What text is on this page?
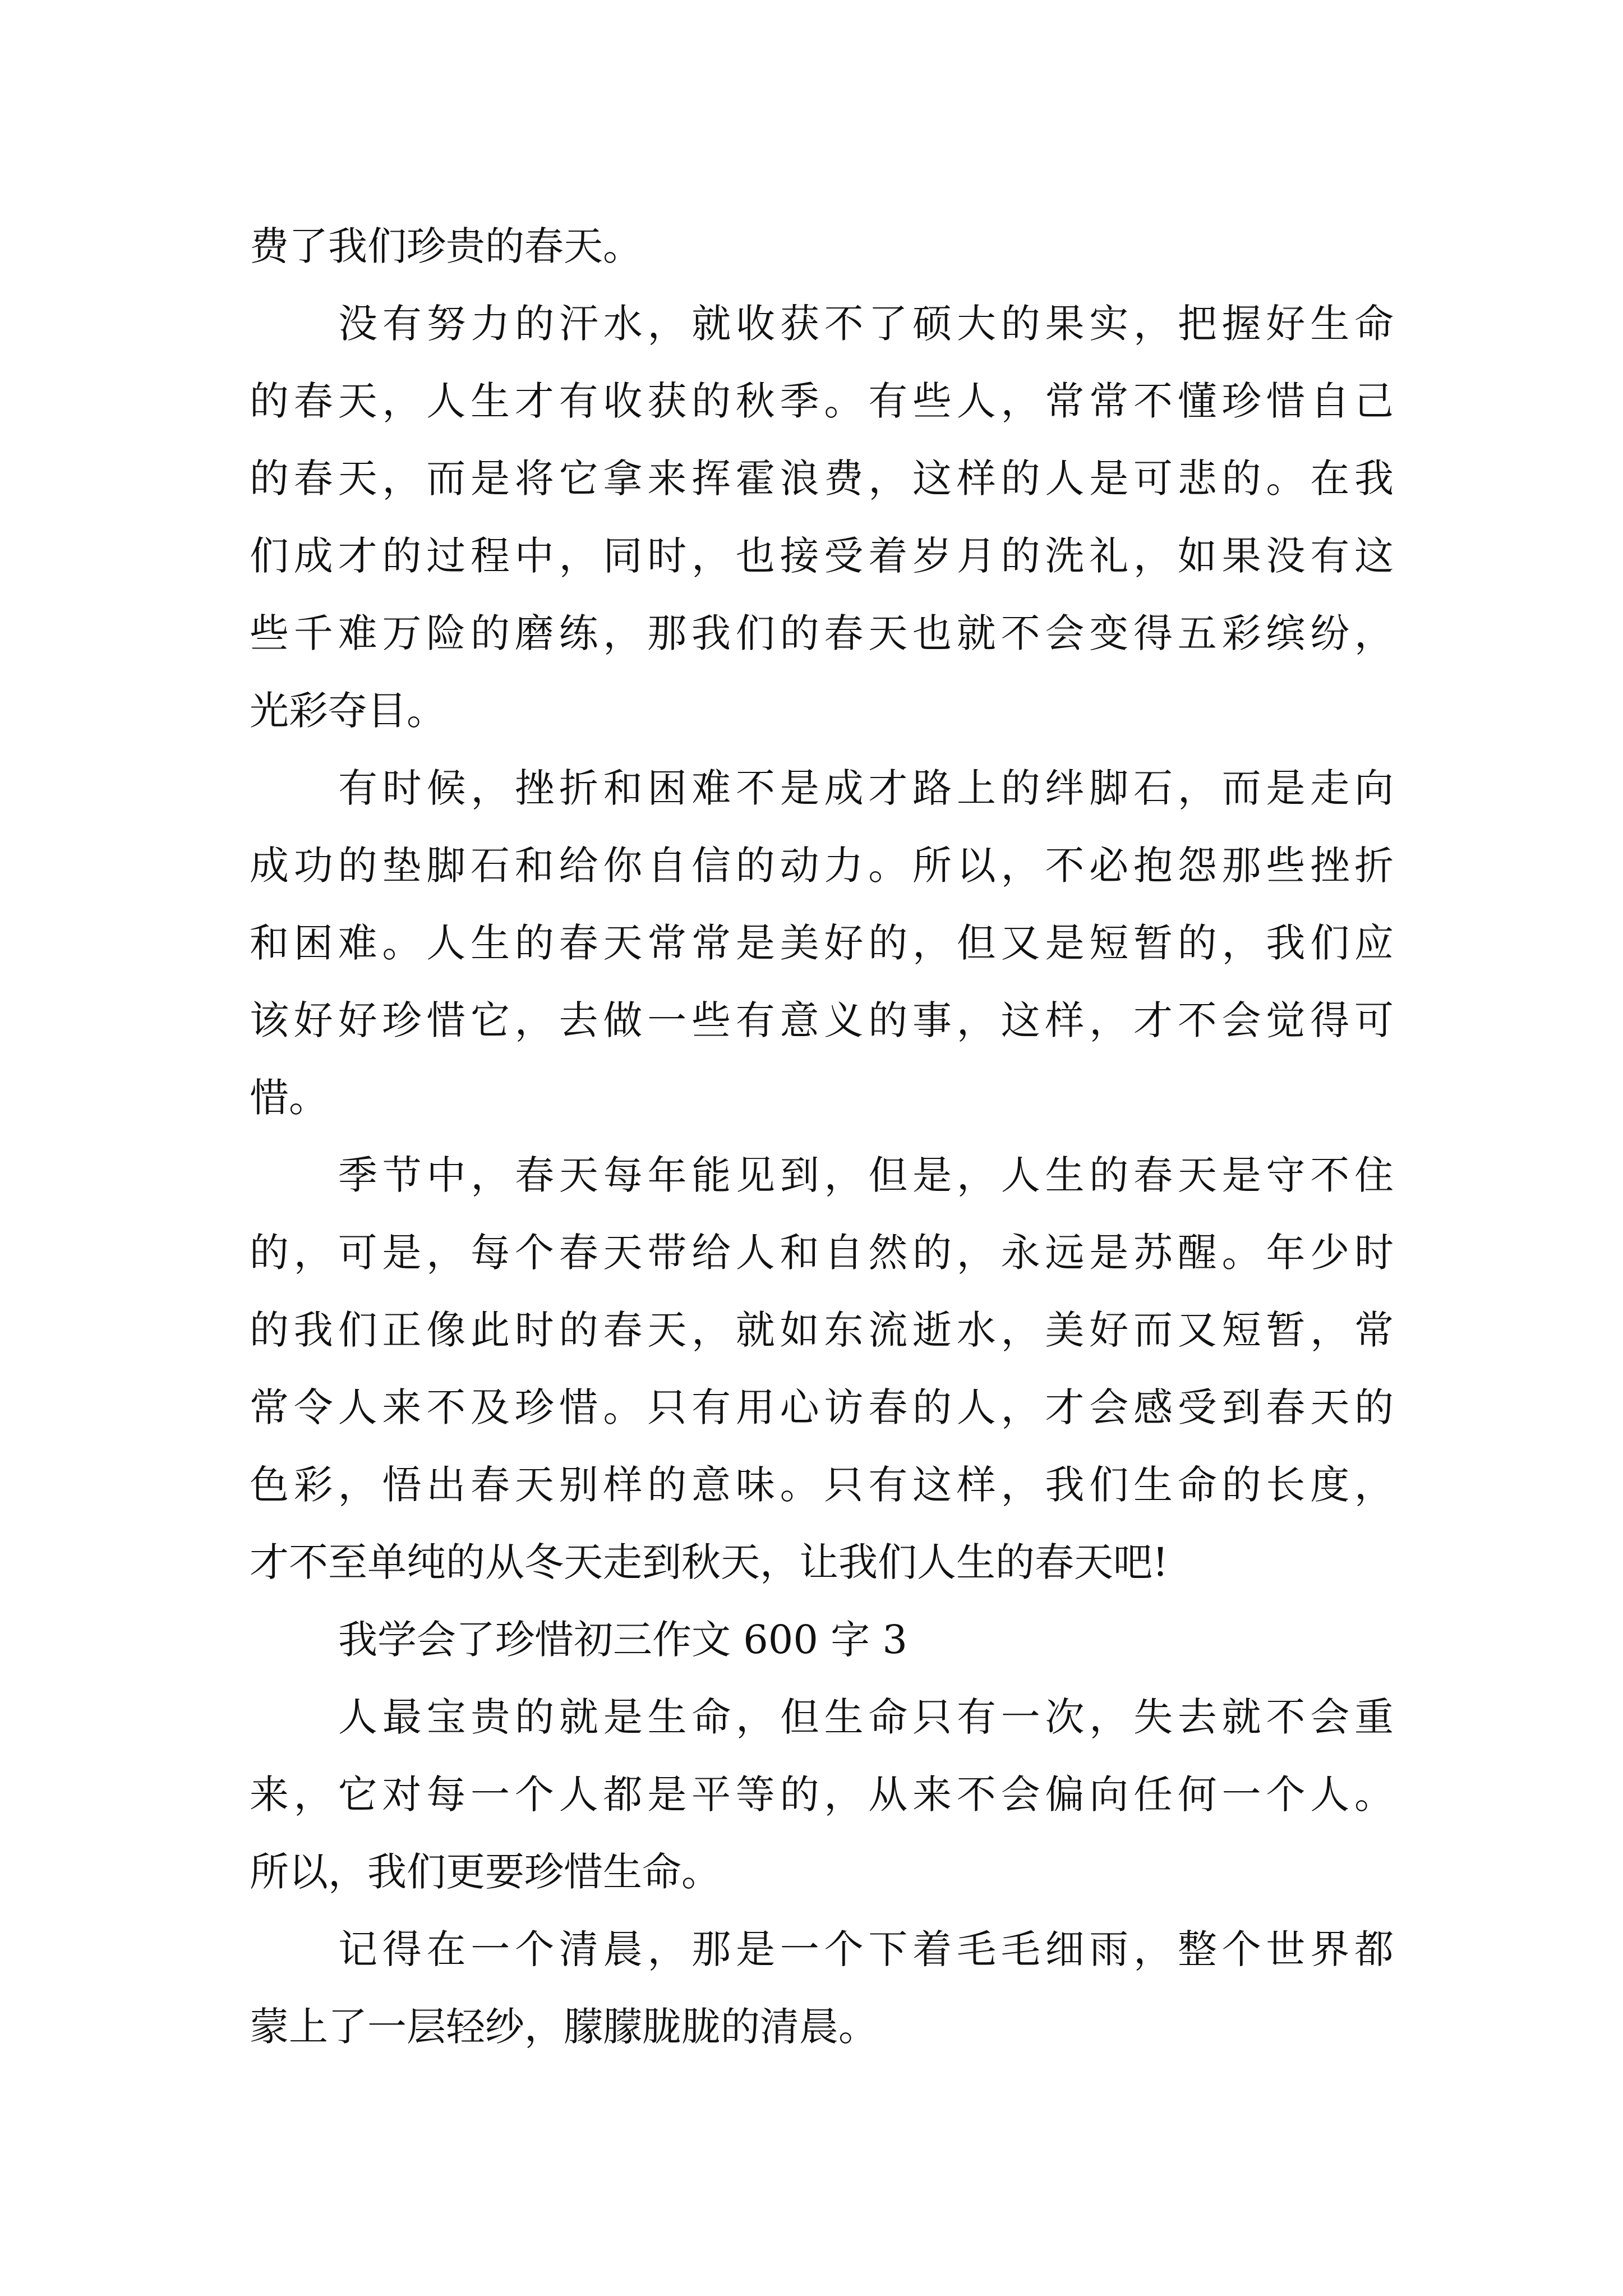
费了我们珍贵的春天。
没有努力的汗水，就收获不了硕大的果实，把握好生命
的春天，人生才有收获的秋季。有些人，常常不懂珍惜自己
的春天，而是将它拿来挥霍浪费，这样的人是可悲的。在我
们成才的过程中，同时，也接受着岁月的洗礼，如果没有这
些千难万险的磨练，那我们的春天也就不会变得五彩缤纷，
光彩夺目。
有时候，挫折和困难不是成才路上的绊脚石，而是走向
成功的垫脚石和给你自信的动力。所以，不必抱怨那些挫折
和困难。人生的春天常常是美好的，但又是短暂的，我们应
该好好珍惜它，去做一些有意义的事，这样，才不会觉得可
惜。
季节中，春天每年能见到，但是，人生的春天是守不住
的，可是，每个春天带给人和自然的，永远是苏醒。年少时
的我们正像此时的春天，就如东流逝水，美好而又短暂，常
常令人来不及珍惜。只有用心访春的人，才会感受到春天的
色彩，悟出春天别样的意味。只有这样，我们生命的长度，
才不至单纯的从冬天走到秋天，让我们人生的春天吧!
我学会了珍惜初三作文 600 字 3
人最宝贵的就是生命，但生命只有一次，失去就不会重
来，它对每一个人都是平等的，从来不会偏向任何一个人。
所以，我们更要珍惜生命。
记得在一个清晨，那是一个下着毛毛细雨，整个世界都
蒙上了一层轻纱，朦朦胧胧的清晨。
